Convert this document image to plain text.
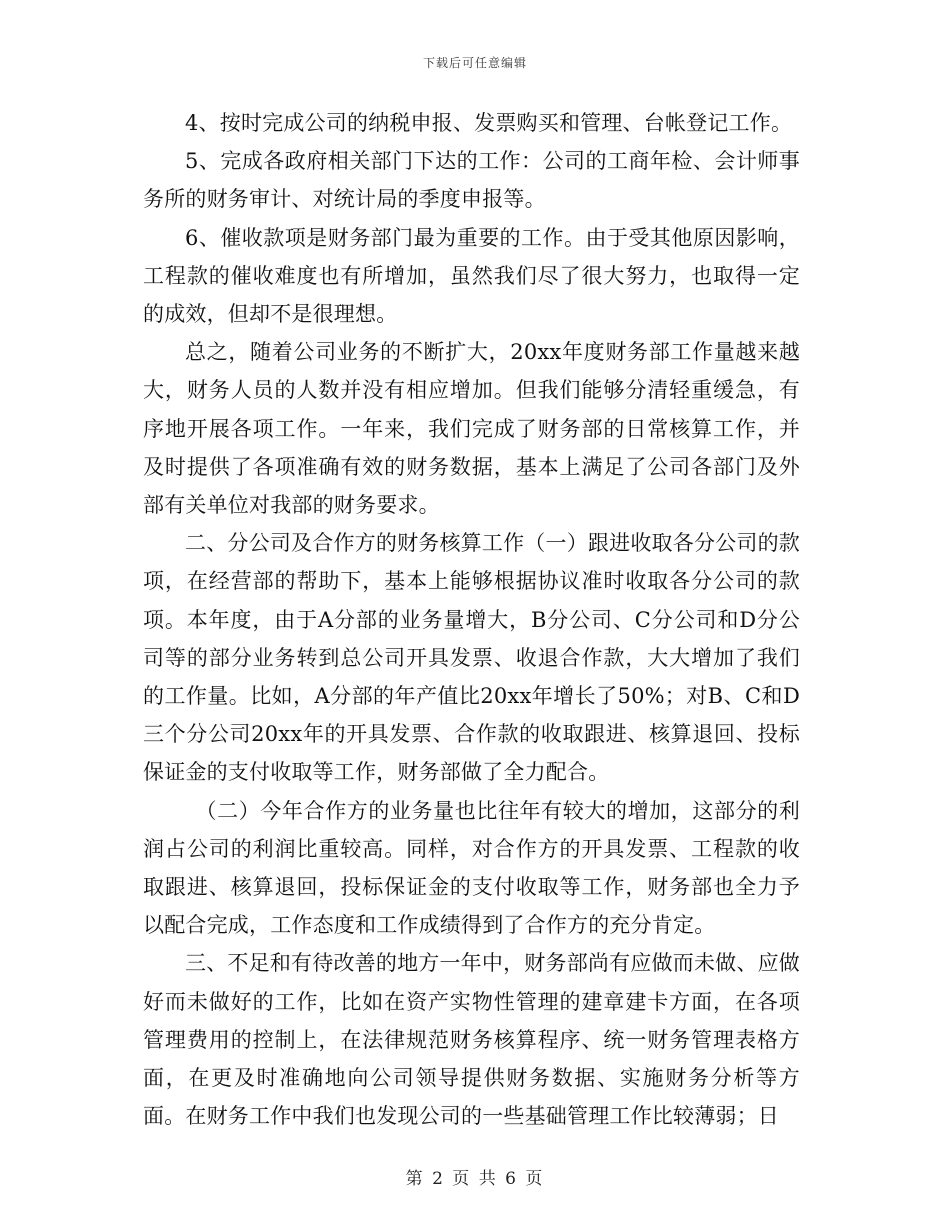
下载后可任意编辑

4、按时完成公司的纳税申报、发票购买和管理、台帐登记工作。

5、完成各政府相关部门下达的工作：公司的工商年检、会计师事务所的财务审计、对统计局的季度申报等。

6、催收款项是财务部门最为重要的工作。由于受其他原因影响，工程款的催收难度也有所增加，虽然我们尽了很大努力，也取得一定的成效，但却不是很理想。

总之，随着公司业务的不断扩大，20xx年度财务部工作量越来越大，财务人员的人数并没有相应增加。但我们能够分清轻重缓急，有序地开展各项工作。一年来，我们完成了财务部的日常核算工作，并及时提供了各项准确有效的财务数据，基本上满足了公司各部门及外部有关单位对我部的财务要求。

二、分公司及合作方的财务核算工作（一）跟进收取各分公司的款项，在经营部的帮助下，基本上能够根据协议准时收取各分公司的款项。本年度，由于A分部的业务量增大，B分公司、C分公司和D分公司等的部分业务转到总公司开具发票、收退合作款，大大增加了我们的工作量。比如，A分部的年产值比20xx年增长了50%；对B、C和D三个分公司20xx年的开具发票、合作款的收取跟进、核算退回、投标保证金的支付收取等工作，财务部做了全力配合。

（二）今年合作方的业务量也比往年有较大的增加，这部分的利润占公司的利润比重较高。同样，对合作方的开具发票、工程款的收取跟进、核算退回，投标保证金的支付收取等工作，财务部也全力予以配合完成，工作态度和工作成绩得到了合作方的充分肯定。

三、不足和有待改善的地方一年中，财务部尚有应做而未做、应做好而未做好的工作，比如在资产实物性管理的建章建卡方面，在各项管理费用的控制上，在法律规范财务核算程序、统一财务管理表格方面，在更及时准确地向公司领导提供财务数据、实施财务分析等方面。在财务工作中我们也发现公司的一些基础管理工作比较薄弱；日

第 2 页 共 6 页
